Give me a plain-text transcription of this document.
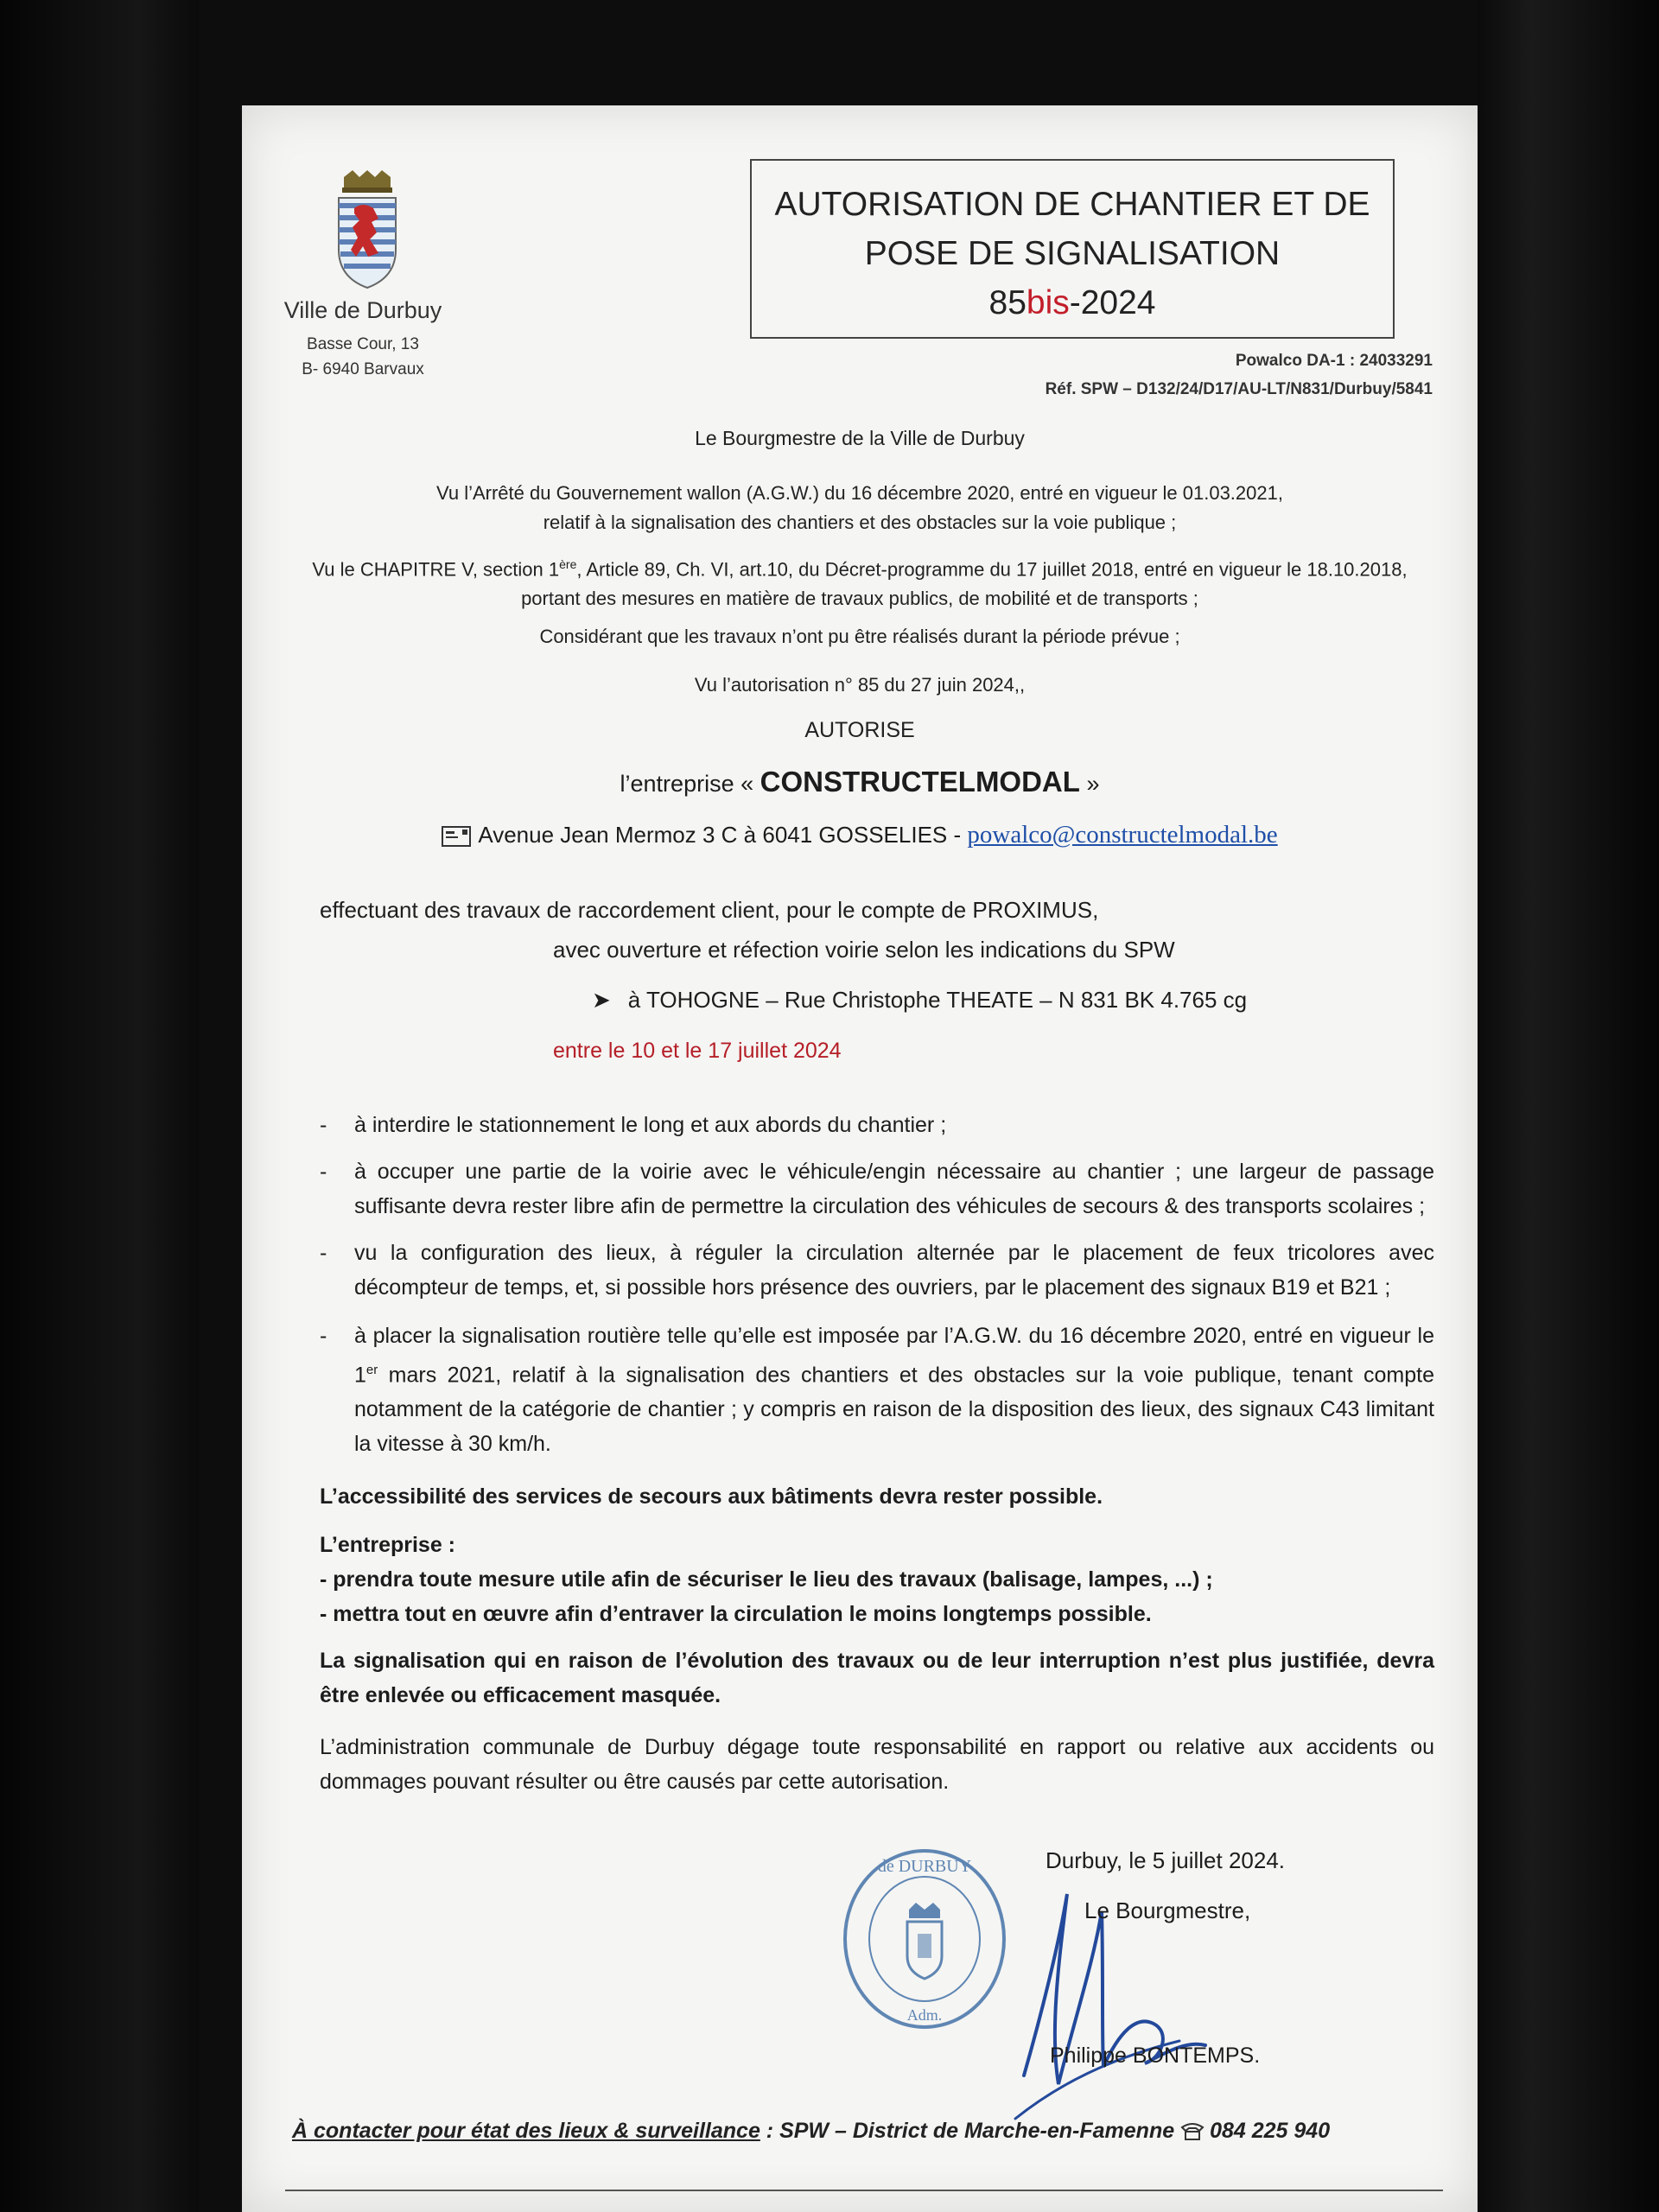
Ville de Durbuy
Basse Cour, 13
B- 6940 Barvaux
AUTORISATION DE CHANTIER ET DE
POSE DE SIGNALISATION
85bis-2024
Powalco DA-1 : 24033291
Réf. SPW – D132/24/D17/AU-LT/N831/Durbuy/5841
Le Bourgmestre de la Ville de Durbuy
Vu l’Arrêté du Gouvernement wallon (A.G.W.) du 16 décembre 2020, entré en vigueur le 01.03.2021,
relatif à la signalisation des chantiers et des obstacles sur la voie publique ;
Vu le CHAPITRE V, section 1ère, Article 89, Ch. VI, art.10, du Décret-programme du 17 juillet 2018, entré en vigueur le 18.10.2018,
portant des mesures en matière de travaux publics, de mobilité et de transports ;
Considérant que les travaux n’ont pu être réalisés durant la période prévue ;
Vu l’autorisation n° 85 du 27 juin 2024,,
AUTORISE
l’entreprise « CONSTRUCTELMODAL »
Avenue Jean Mermoz 3 C à 6041 GOSSELIES - powalco@constructelmodal.be
effectuant des travaux de raccordement client, pour le compte de PROXIMUS,
avec ouverture et réfection voirie selon les indications du SPW
➤ à TOHOGNE – Rue Christophe THEATE – N 831 BK 4.765 cg
entre le 10 et le 17 juillet 2024
- à interdire le stationnement le long et aux abords du chantier ;
- à occuper une partie de la voirie avec le véhicule/engin nécessaire au chantier ; une largeur de passage suffisante devra rester libre afin de permettre la circulation des véhicules de secours & des transports scolaires ;
- vu la configuration des lieux, à réguler la circulation alternée par le placement de feux tricolores avec décompteur de temps, et, si possible hors présence des ouvriers, par le placement des signaux B19 et B21 ;
- à placer la signalisation routière telle qu’elle est imposée par l’A.G.W. du 16 décembre 2020, entré en vigueur le 1er mars 2021, relatif à la signalisation des chantiers et des obstacles sur la voie publique, tenant compte notamment de la catégorie de chantier ; y compris en raison de la disposition des lieux, des signaux C43 limitant la vitesse à 30 km/h.
L’accessibilité des services de secours aux bâtiments devra rester possible.
L’entreprise :
- prendra toute mesure utile afin de sécuriser le lieu des travaux (balisage, lampes, ...) ;
- mettra tout en œuvre afin d’entraver la circulation le moins longtemps possible.
La signalisation qui en raison de l’évolution des travaux ou de leur interruption n’est plus justifiée, devra être enlevée ou efficacement masquée.
L’administration communale de Durbuy dégage toute responsabilité en rapport ou relative aux accidents ou dommages pouvant résulter ou être causés par cette autorisation.
de DURBUY
Adm.
Durbuy, le 5 juillet 2024.
Le Bourgmestre,
Philippe BONTEMPS.
À contacter pour état des lieux & surveillance : SPW – District de Marche-en-Famenne 084 225 940
